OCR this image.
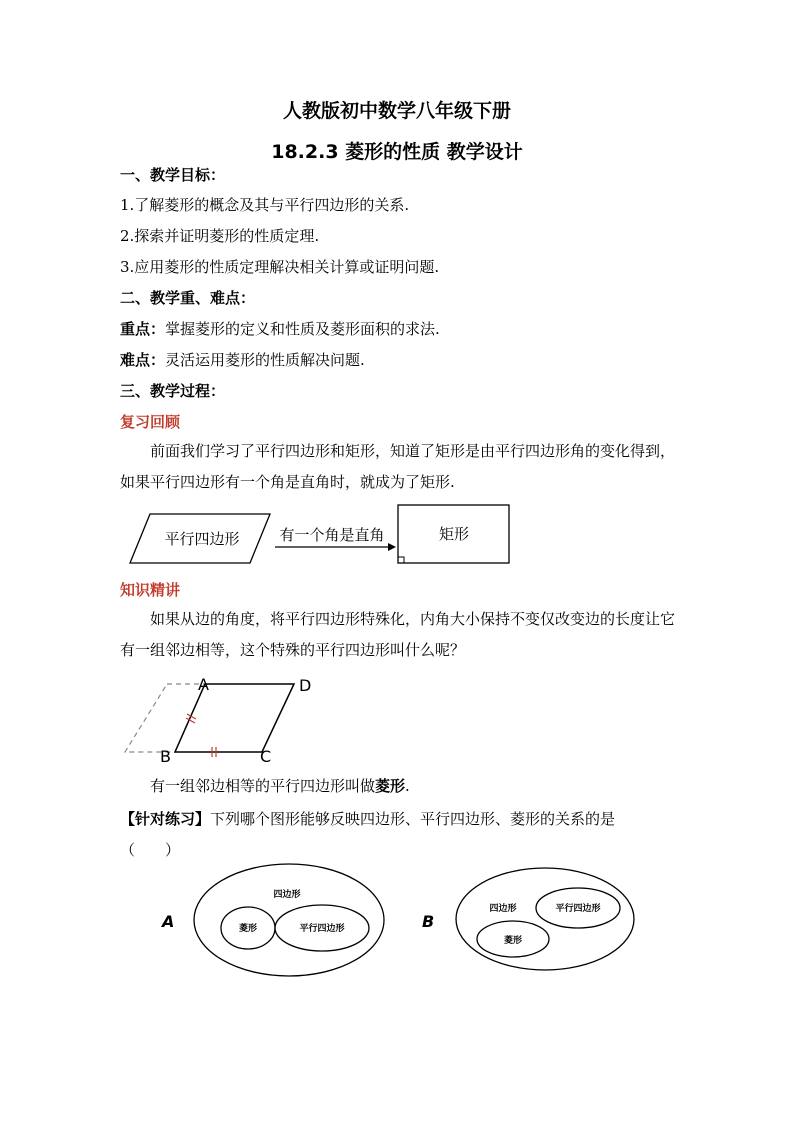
人教版初中数学八年级下册
18.2.3 菱形的性质 教学设计
一、教学目标：
1.了解菱形的概念及其与平行四边形的关系.
2.探索并证明菱形的性质定理.
3.应用菱形的性质定理解决相关计算或证明问题.
二、教学重、难点：
重点：掌握菱形的定义和性质及菱形面积的求法.
难点：灵活运用菱形的性质解决问题.
三、教学过程：
复习回顾
前面我们学习了平行四边形和矩形，知道了矩形是由平行四边形角的变化得到，如果平行四边形有一个角是直角时，就成为了矩形.
知识精讲
如果从边的角度，将平行四边形特殊化，内角大小保持不变仅改变边的长度让它有一组邻边相等，这个特殊的平行四边形叫什么呢？
有一组邻边相等的平行四边形叫做菱形.
【针对练习】下列哪个图形能够反映四边形、平行四边形、菱形的关系的是
（　　）
平行四边形	有一个角是直角	矩形
A	D
B	C
A
四边形
菱形	平行四边形	B
四边形	平行四边形
菱形
